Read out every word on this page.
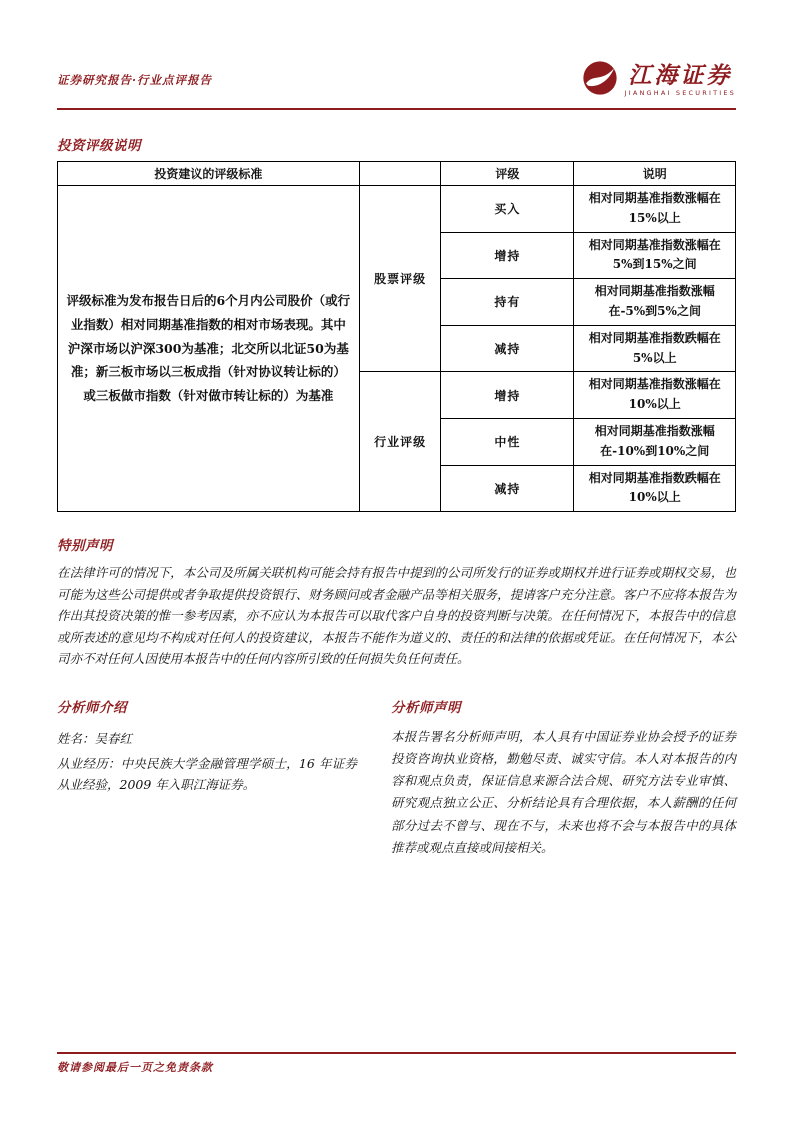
证券研究报告·行业点评报告	江海证券
JIANGHAI SECURITIES
投资评级说明
投资建议的评级标准		评级	说明
评级标准为发布报告日后的6个月内公司股价（或行业指数）相对同期基准指数的相对市场表现。其中沪深市场以沪深300为基准；北交所以北证50为基准；新三板市场以三板成指（针对协议转让标的）或三板做市指数（针对做市转让标的）为基准	股票评级	买入	相对同期基准指数涨幅在15%以上
		增持	相对同期基准指数涨幅在5%到15%之间
		持有	相对同期基准指数涨幅在-5%到5%之间
		减持	相对同期基准指数跌幅在5%以上
	行业评级	增持	相对同期基准指数涨幅在10%以上
		中性	相对同期基准指数涨幅在-10%到10%之间
		减持	相对同期基准指数跌幅在10%以上
特别声明

在法律许可的情况下，本公司及所属关联机构可能会持有报告中提到的公司所发行的证券或期权并进行证券或期权交易，也可能为这些公司提供或者争取提供投资银行、财务顾问或者金融产品等相关服务，提请客户充分注意。客户不应将本报告为作出其投资决策的惟一参考因素，亦不应认为本报告可以取代客户自身的投资判断与决策。在任何情况下，本报告中的信息或所表述的意见均不构成对任何人的投资建议，本报告不能作为道义的、责任的和法律的依据或凭证。在任何情况下，本公司亦不对任何人因使用本报告中的任何内容所引致的任何损失负任何责任。

分析师介绍
姓名：吴春红
从业经历：中央民族大学金融管理学硕士，16 年证券从业经验，2009 年入职江海证券。
分析师声明

本报告署名分析师声明，本人具有中国证券业协会授予的证券投资咨询执业资格，勤勉尽责、诚实守信。本人对本报告的内容和观点负责，保证信息来源合法合规、研究方法专业审慎、研究观点独立公正、分析结论具有合理依据，本人薪酬的任何部分过去不曾与、现在不与，未来也将不会与本报告中的具体推荐或观点直接或间接相关。

敬请参阅最后一页之免责条款
